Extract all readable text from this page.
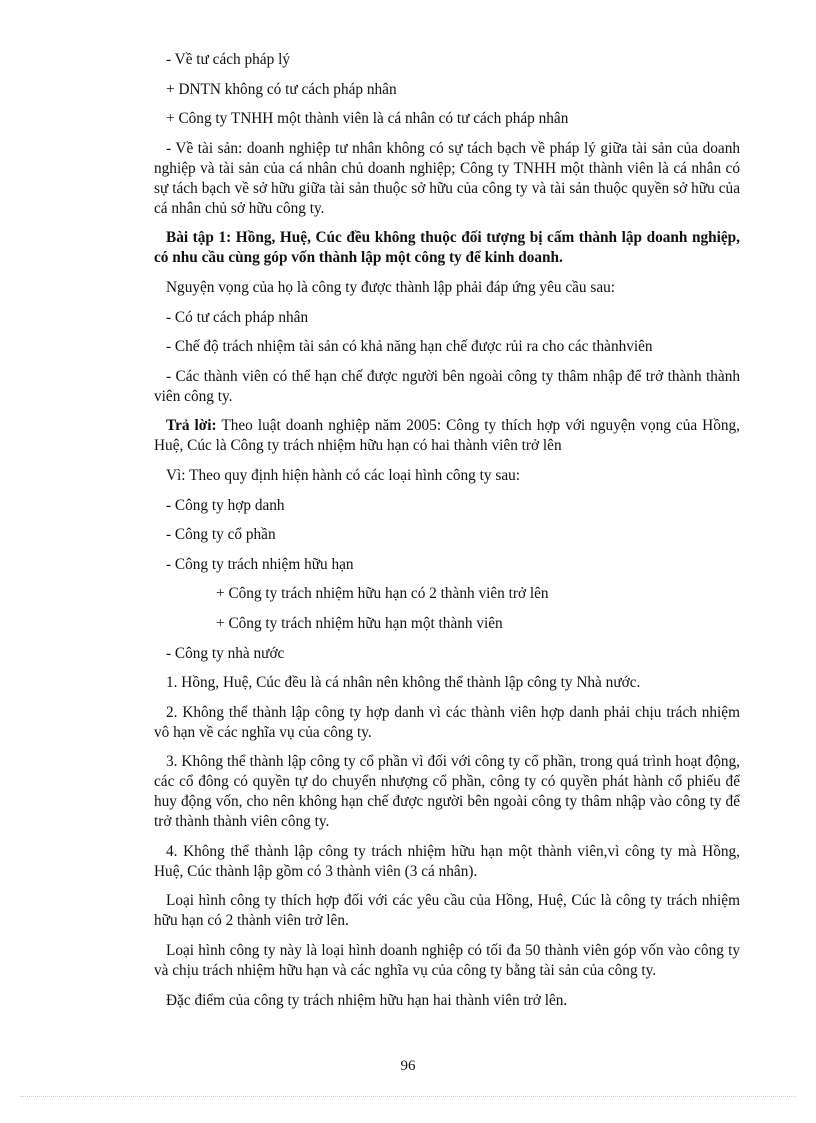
- Về tư cách pháp lý

+ DNTN không có tư cách pháp nhân

+ Công ty TNHH một thành viên là cá nhân có tư cách pháp nhân

- Về tài sản: doanh nghiệp tư nhân không có sự tách bạch về pháp lý giữa tài sản của doanh nghiệp và tài sản của cá nhân chủ doanh nghiệp; Công ty TNHH một thành viên là cá nhân có sự tách bạch về sở hữu giữa tài sản thuộc sở hữu của công ty và tài sản thuộc quyền sở hữu của cá nhân chủ sở hữu công ty.

Bài tập 1: Hồng, Huệ, Cúc đều không thuộc đối tượng bị cấm thành lập doanh nghiệp, có nhu cầu cùng góp vốn thành lập một công ty để kinh doanh.

Nguyện vọng của họ là công ty được thành lập phải đáp ứng yêu cầu sau:

- Có tư cách pháp nhân

- Chế độ trách nhiệm tài sản có khả năng hạn chế được rủi ra cho các thànhviên

- Các thành viên có thể hạn chế được người bên ngoài công ty thâm nhập để trở thành thành viên công ty.

Trả lời: Theo luật doanh nghiệp năm 2005: Công ty thích hợp với nguyện vọng của Hồng, Huệ, Cúc là Công ty trách nhiệm hữu hạn có hai thành viên trở lên

Vì: Theo quy định hiện hành có các loại hình công ty sau:

- Công ty hợp danh

- Công ty cổ phần

- Công ty trách nhiệm hữu hạn

+ Công ty trách nhiệm hữu hạn có 2 thành viên trở lên

+ Công ty trách nhiệm hữu hạn một thành viên

- Công ty nhà nước

1. Hồng, Huệ, Cúc đều là cá nhân nên không thể thành lập công ty Nhà nước.

2. Không thể thành lập công ty hợp danh vì các thành viên hợp danh phải chịu trách nhiệm vô hạn về các nghĩa vụ của công ty.

3. Không thể thành lập công ty cổ phần vì đối với công ty cổ phần, trong quá trình hoạt động, các cổ đông có quyền tự do chuyển nhượng cổ phần, công ty có quyền phát hành cổ phiếu để huy động vốn, cho nên không hạn chế được người bên ngoài công ty thâm nhập vào công ty để trở thành thành viên công ty.

4. Không thể thành lập công ty trách nhiệm hữu hạn một thành viên,vì công ty mà Hồng, Huệ, Cúc thành lập gồm có 3 thành viên (3 cá nhân).

Loại hình công ty thích hợp đối với các yêu cầu của Hồng, Huệ, Cúc là công ty trách nhiệm hữu hạn có 2 thành viên trở lên.

Loại hình công ty này là loại hình doanh nghiệp có tối đa 50 thành viên góp vốn vào công ty và chịu trách nhiệm hữu hạn và các nghĩa vụ của công ty bằng tài sản của công ty.

Đặc điểm của công ty trách nhiệm hữu hạn hai thành viên trở lên.

96
